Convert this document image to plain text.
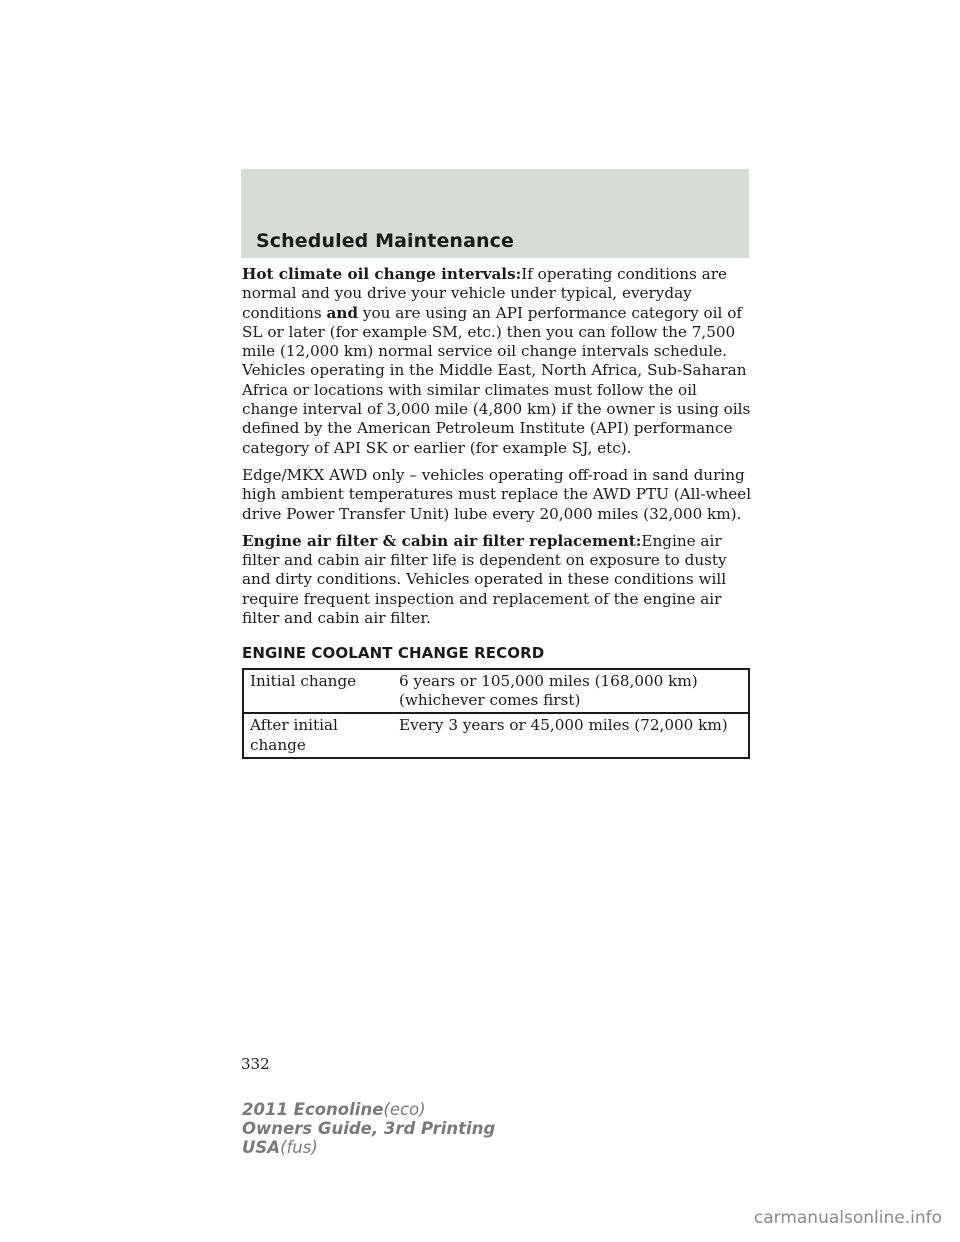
Scheduled Maintenance

Hot climate oil change intervals:If operating conditions are normal and you drive your vehicle under typical, everyday conditions and you are using an API performance category oil of SL or later (for example SM, etc.) then you can follow the 7,500 mile (12,000 km) normal service oil change intervals schedule. Vehicles operating in the Middle East, North Africa, Sub-Saharan Africa or locations with similar climates must follow the oil change interval of 3,000 mile (4,800 km) if the owner is using oils defined by the American Petroleum Institute (API) performance category of API SK or earlier (for example SJ, etc).

Edge/MKX AWD only – vehicles operating off-road in sand during high ambient temperatures must replace the AWD PTU (All-wheel drive Power Transfer Unit) lube every 20,000 miles (32,000 km).

Engine air filter & cabin air filter replacement:Engine air filter and cabin air filter life is dependent on exposure to dusty and dirty conditions. Vehicles operated in these conditions will require frequent inspection and replacement of the engine air filter and cabin air filter.

ENGINE COOLANT CHANGE RECORD
Initial change	6 years or 105,000 miles (168,000 km)
(whichever comes first)

After initial change	Every 3 years or 45,000 miles (72,000 km)
332
2011 Econoline(eco)
Owners Guide, 3rd Printing
USA(fus)
carmanualsonline.info
